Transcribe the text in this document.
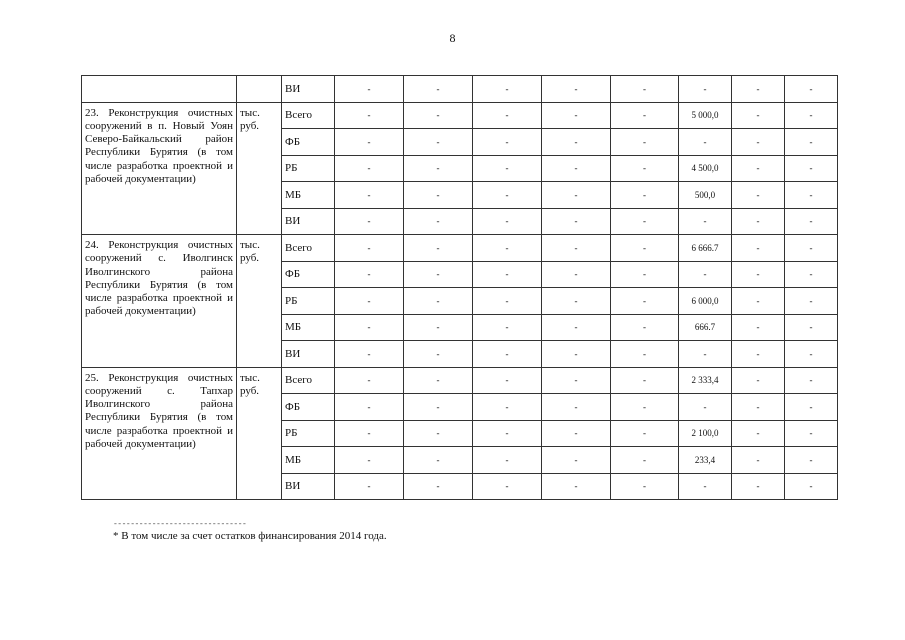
8
		ВИ	-	-	-	-	-	-	-	-
23. Реконструкция очистных сооружений в п. Новый Уоян Северо-Байкальский район Республики Бурятия (в том числе разработка проектной и рабочей документации)	тыс. руб.	Всего	-	-	-	-	-	5 000,0	-	-
		ФБ	-	-	-	-	-	-	-	-
		РБ	-	-	-	-	-	4 500,0	-	-
		МБ	-	-	-	-	-	500,0	-	-
		ВИ	-	-	-	-	-	-	-	-
24. Реконструкция очистных сооружений с. Иволгинск Иволгинского района Республики Бурятия (в том числе разработка проектной и рабочей документации)	тыс. руб.	Всего	-	-	-	-	-	6 666.7	-	-
		ФБ	-	-	-	-	-	-	-	-
		РБ	-	-	-	-	-	6 000,0	-	-
		МБ	-	-	-	-	-	666.7	-	-
		ВИ	-	-	-	-	-	-	-	-
25. Реконструкция очистных сооружений с. Тапхар Иволгинского района Республики Бурятия (в том числе разработка проектной и рабочей документации)	тыс. руб.	Всего	-	-	-	-	-	2 333,4	-	-
		ФБ	-	-	-	-	-	-	-	-
		РБ	-	-	-	-	-	2 100,0	-	-
		МБ	-	-	-	-	-	233,4	-	-
		ВИ	-	-	-	-	-	-	-	-
-------------------------------
* В том числе за счет остатков финансирования 2014 года.
